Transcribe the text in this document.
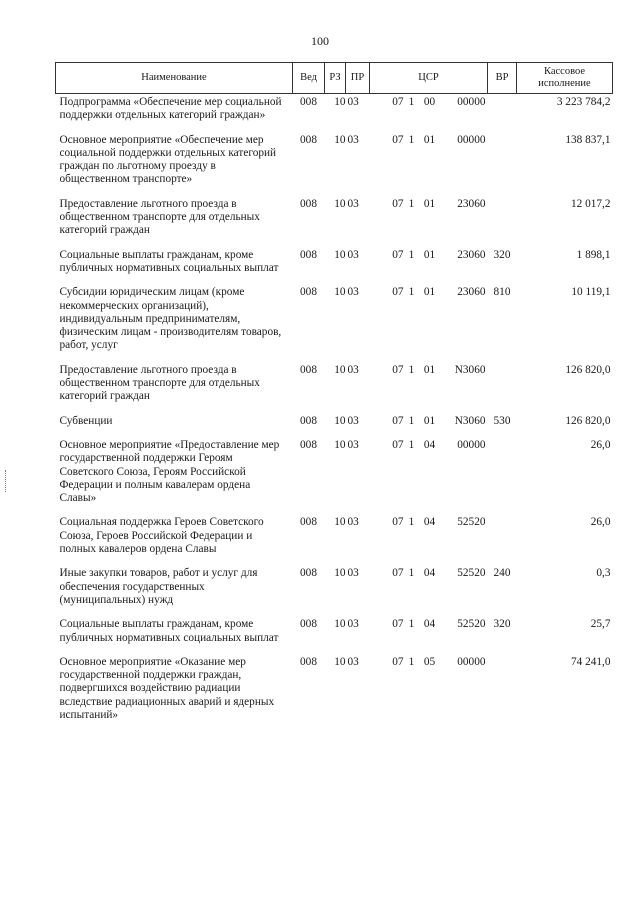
100
Наименование	Вед	РЗ	ПР	ЦСР	ВР	Кассовое исполнение
Подпрограмма «Обеспечение мер социальной поддержки отдельных категорий граждан»	008	10	03	07 1 00 00000		3 223 784,2
Основное мероприятие «Обеспечение мер социальной поддержки отдельных категорий граждан по льготному проезду в общественном транспорте»	008	10	03	07 1 01 00000		138 837,1
Предоставление льготного проезда в общественном транспорте для отдельных категорий граждан	008	10	03	07 1 01 23060		12 017,2
Социальные выплаты гражданам, кроме публичных нормативных социальных выплат	008	10	03	07 1 01 23060	320	1 898,1
Субсидии юридическим лицам (кроме некоммерческих организаций), индивидуальным предпринимателям, физическим лицам - производителям товаров, работ, услуг	008	10	03	07 1 01 23060	810	10 119,1
Предоставление льготного проезда в общественном транспорте для отдельных категорий граждан	008	10	03	07 1 01 N3060		126 820,0
Субвенции	008	10	03	07 1 01 N3060	530	126 820,0
Основное мероприятие «Предоставление мер государственной поддержки Героям Советского Союза, Героям Российской Федерации и полным кавалерам ордена Славы»	008	10	03	07 1 04 00000		26,0
Социальная поддержка Героев Советского Союза, Героев Российской Федерации и полных кавалеров ордена Славы	008	10	03	07 1 04 52520		26,0
Иные закупки товаров, работ и услуг для обеспечения государственных (муниципальных) нужд	008	10	03	07 1 04 52520	240	0,3
Социальные выплаты гражданам, кроме публичных нормативных социальных выплат	008	10	03	07 1 04 52520	320	25,7
Основное мероприятие «Оказание мер государственной поддержки граждан, подвергшихся воздействию радиации вследствие радиационных аварий и ядерных испытаний»	008	10	03	07 1 05 00000		74 241,0
